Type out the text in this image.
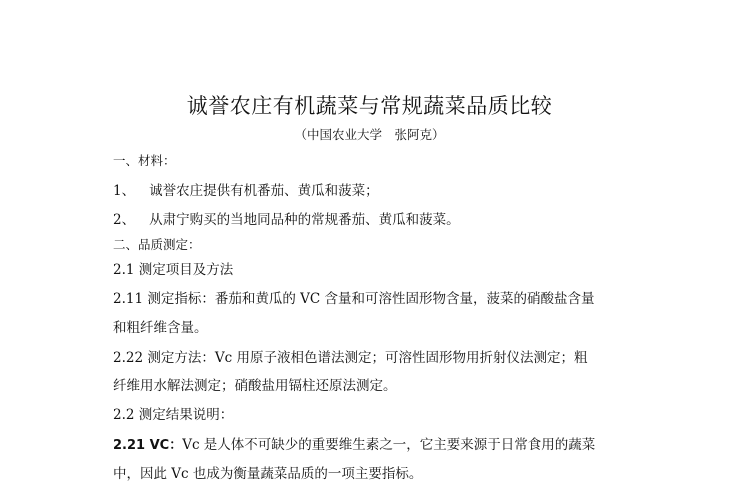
诚誉农庄有机蔬菜与常规蔬菜品质比较
（中国农业大学　张阿克）
一、材料：
1、 诚誉农庄提供有机番茄、黄瓜和菠菜；
2、 从肃宁购买的当地同品种的常规番茄、黄瓜和菠菜。
二、品质测定：
2.1 测定项目及方法
2.11 测定指标：番茄和黄瓜的 VC 含量和可溶性固形物含量，菠菜的硝酸盐含量
和粗纤维含量。
2.22 测定方法：Vc 用原子液相色谱法测定；可溶性固形物用折射仪法测定；粗
纤维用水解法测定；硝酸盐用镉柱还原法测定。
2.2 测定结果说明：
2.21 VC：Vc 是人体不可缺少的重要维生素之一，它主要来源于日常食用的蔬菜
中，因此 Vc 也成为衡量蔬菜品质的一项主要指标。
